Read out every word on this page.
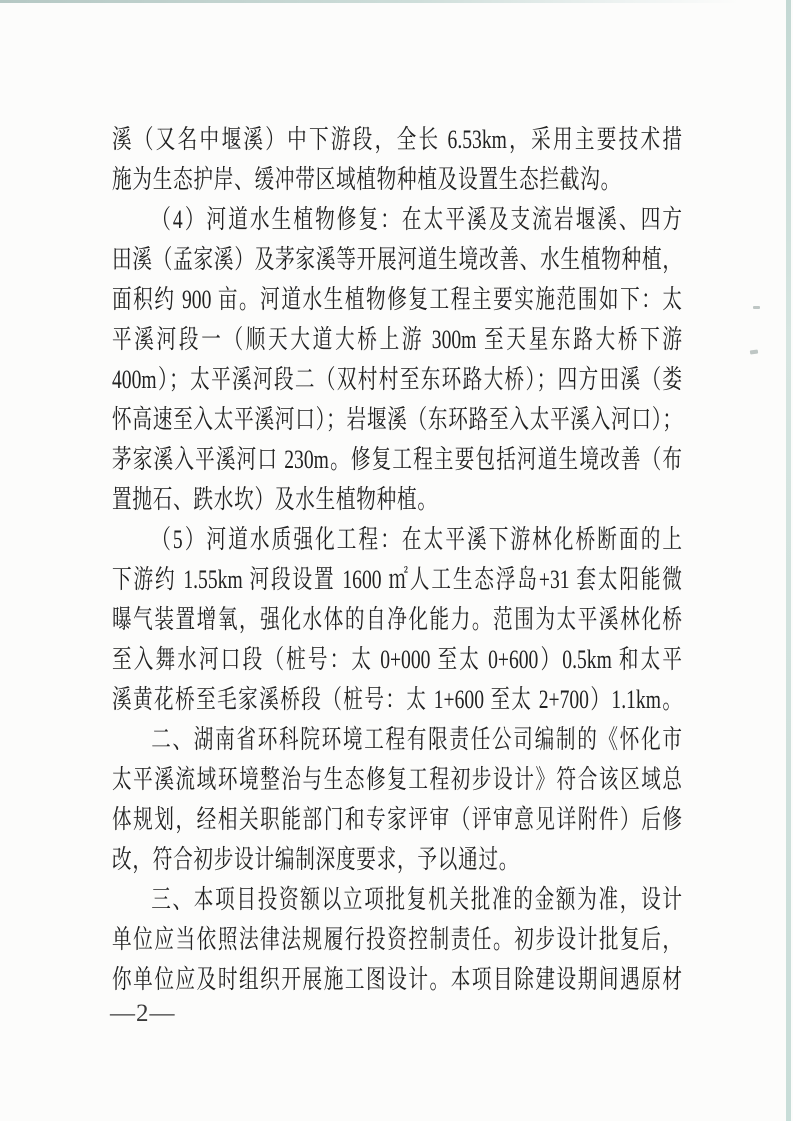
溪（又名中堰溪）中下游段，全长 6.53km，采用主要技术措
施为生态护岸、缓冲带区域植物种植及设置生态拦截沟。
（4）河道水生植物修复：在太平溪及支流岩堰溪、四方
田溪（孟家溪）及茅家溪等开展河道生境改善、水生植物种植，
面积约 900 亩。河道水生植物修复工程主要实施范围如下：太
平溪河段一（顺天大道大桥上游 300m 至天星东路大桥下游
400m）；太平溪河段二（双村村至东环路大桥）；四方田溪（娄
怀高速至入太平溪河口）；岩堰溪（东环路至入太平溪入河口）；
茅家溪入平溪河口 230m。修复工程主要包括河道生境改善（布
置抛石、跌水坎）及水生植物种植。
（5）河道水质强化工程：在太平溪下游林化桥断面的上
下游约 1.55km 河段设置 1600 ㎡人工生态浮岛+31 套太阳能微
曝气装置增氧，强化水体的自净化能力。范围为太平溪林化桥
至入舞水河口段（桩号：太 0+000 至太 0+600）0.5km 和太平
溪黄花桥至毛家溪桥段（桩号：太 1+600 至太 2+700）1.1km。
二、湖南省环科院环境工程有限责任公司编制的《怀化市
太平溪流域环境整治与生态修复工程初步设计》符合该区域总
体规划，经相关职能部门和专家评审（评审意见详附件）后修
改，符合初步设计编制深度要求，予以通过。
三、本项目投资额以立项批复机关批准的金额为准，设计
单位应当依照法律法规履行投资控制责任。初步设计批复后，
你单位应及时组织开展施工图设计。本项目除建设期间遇原材
—2—
